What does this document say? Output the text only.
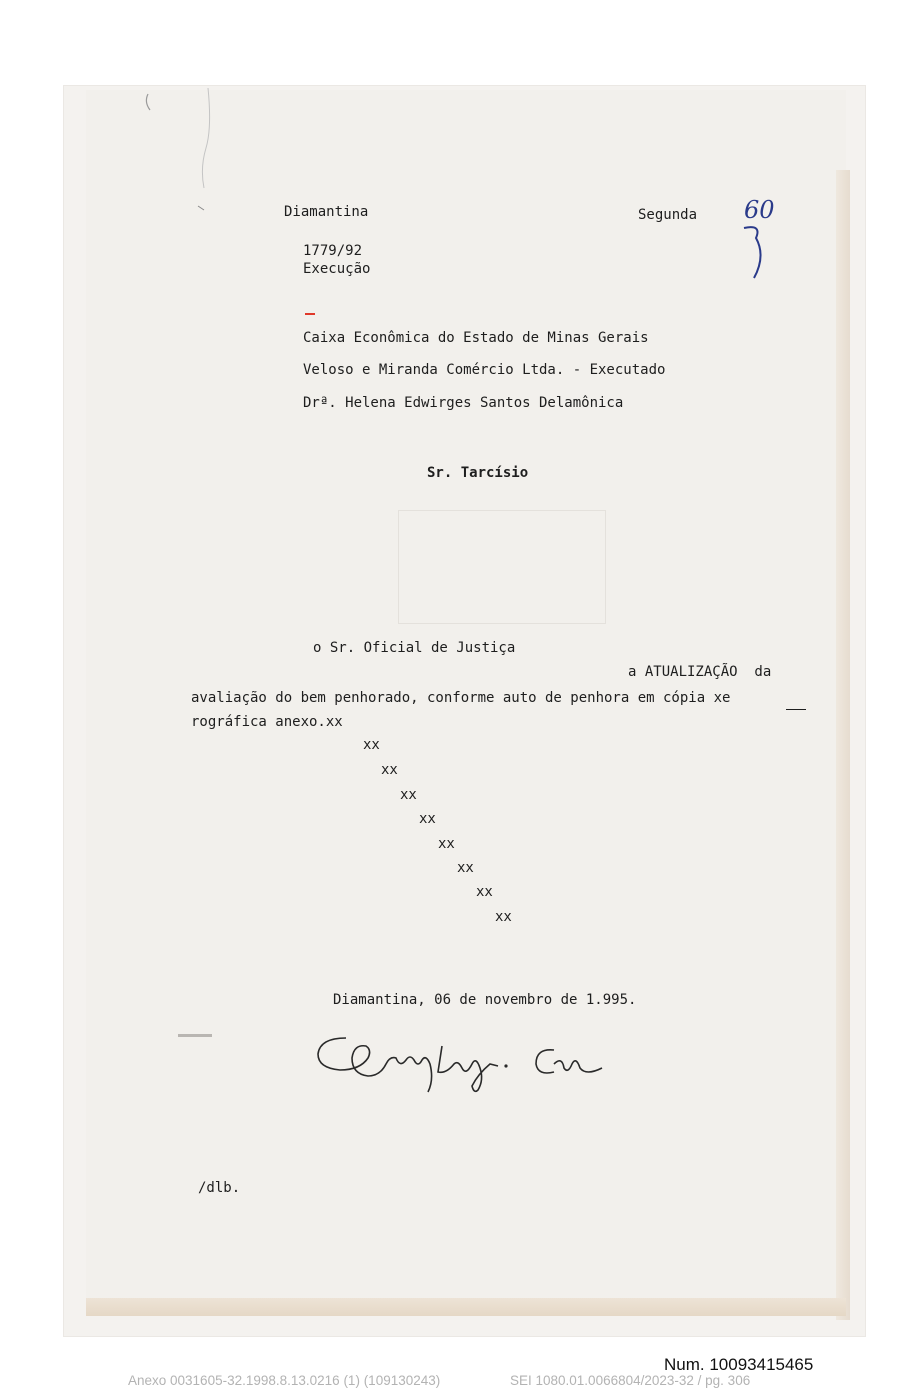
Diamantina	Segunda 60
1779/92
Execução
Caixa Econômica do Estado de Minas Gerais
Veloso e Miranda Comércio Ltda. - Executado
Drª. Helena Edwirges Santos Delamônica
Sr. Tarcísio
o Sr. Oficial de Justiça
a ATUALIZAÇÃO  da
avaliação do bem penhorado, conforme auto de penhora em cópia xe
rográfica anexo.xx
xx
xx
xx
xx
xx
xx
xx
xx
Diamantina, 06 de novembro de 1.995.
/dlb.
Num. 10093415465
Anexo 0031605-32.1998.8.13.0216 (1) (109130243)	SEI 1080.01.0066804/2023-32 / pg. 306
